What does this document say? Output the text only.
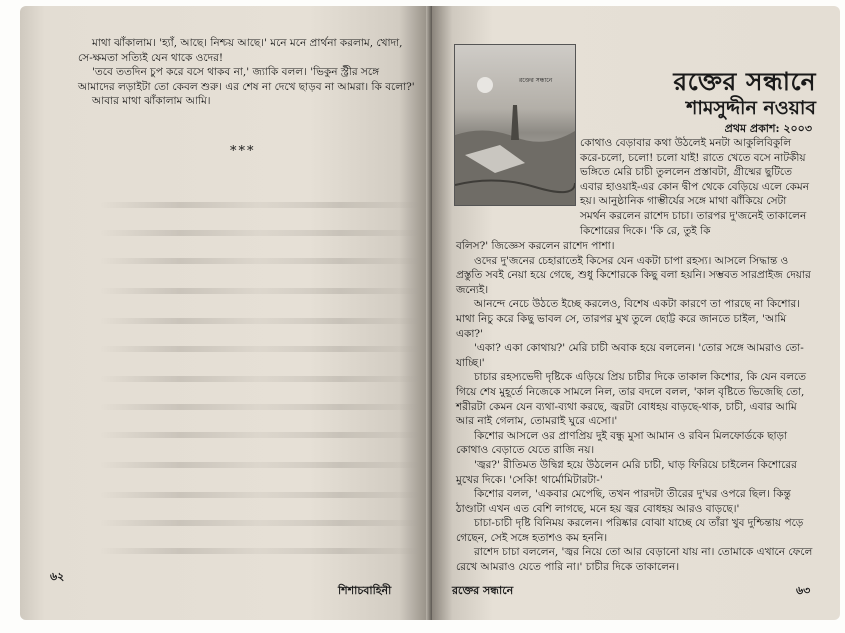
মাথা ঝাঁকালাম। 'হ্যাঁ, আছে। নিশ্চয় আছে।' মনে মনে প্রার্থনা করলাম, খোদা, সে-ক্ষমতা সত্যিই যেন থাকে ওদের!

'তবে ততদিন চুপ করে বসে থাকব না,' জ্যাকি বলল। 'ভিকুন স্ট্রীর সঙ্গে আমাদের লড়াইটা তো কেবল শুরু। এর শেষ না দেখে ছাড়ব না আমরা। কি বলো?'

আবার মাথা ঝাঁকালাম আমি।

***
৬২
শিশাচবাহিনী
রক্তের সন্ধানে	রক্তের সন্ধানে
শামসুদ্দীন নওয়াব
প্রথম প্রকাশ: ২০০৩

কোথাও বেড়াবার কথা উঠলেই মনটা আকুলিবিকুলি করে-চলো, চলো! চলো যাই! রাতে খেতে বসে নাটকীয় ভঙ্গিতে মেরি চাচী তুললেন প্রস্তাবটা, গ্রীষ্মের ছুটিতে এবার হাওয়াই-এর কোন দ্বীপ থেকে বেড়িয়ে এলে কেমন হয়। আনুষ্ঠানিক গাম্ভীর্যের সঙ্গে মাথা ঝাঁকিয়ে সেটা সমর্থন করলেন রাশেদ চাচা। তারপর দু'জনেই তাকালেন কিশোরের দিকে। 'কি রে, তুই কি

বলিস?' জিজ্ঞেস করলেন রাশেদ পাশা।

ওদের দু'জনের চেহারাতেই কিসের যেন একটা চাপা রহস্য। আসলে সিদ্ধান্ত ও প্রস্তুতি সবই নেয়া হয়ে গেছে, শুধু কিশোরকে কিছু বলা হয়নি। সম্ভবত সারপ্রাইজ দেয়ার জন্যেই।

আনন্দে নেচে উঠতে ইচ্ছে করলেও, বিশেষ একটা কারণে তা পারছে না কিশোর। মাথা নিচু করে কিছু ভাবল সে, তারপর মুখ তুলে ছোট্ট করে জানতে চাইল, 'আমি একা?'

'একা? একা কোথায়?' মেরি চাচী অবাক হয়ে বললেন। 'তোর সঙ্গে আমরাও তো-যাচ্ছি।'

চাচার রহস্যভেদী দৃষ্টিকে এড়িয়ে প্রিয় চাচীর দিকে তাকাল কিশোর, কি যেন বলতে গিয়ে শেষ মুহূর্তে নিজেকে সামলে নিল, তার বদলে বলল, 'কাল বৃষ্টিতে ভিজেছি তো, শরীরটা কেমন যেন ব্যথা-ব্যথা করছে, জ্বরটা বোধহয় বাড়ছে-থাক, চাচী, এবার আমি আর নাই গেলাম, তোমরাই ঘুরে এসো।'

কিশোর আসলে ওর প্রাণপ্রিয় দুই বন্ধু মুসা আমান ও রবিন মিলফোর্ডকে ছাড়া কোথাও বেড়াতে যেতে রাজি নয়।

'জ্বর?' রীতিমত উদ্বিগ্ন হয়ে উঠলেন মেরি চাচী, ঘাড় ফিরিয়ে চাইলেন কিশোরের মুখের দিকে। 'সেকি! থার্মোমিটারটা-'

কিশোর বলল, 'একবার মেপেছি, তখন পারদটা তীরের দু'ঘর ওপরে ছিল। কিন্তু ঠাণ্ডাটা এখন এত বেশি লাগছে, মনে হয় জ্বর বোধহয় আরও বাড়ছে।'

চাচা-চাচী দৃষ্টি বিনিময় করলেন। পরিষ্কার বোঝা যাচ্ছে যে তাঁরা খুব দুশ্চিন্তায় পড়ে গেছেন, সেই সঙ্গে হতাশও কম হননি।

রাশেদ চাচা বললেন, 'জ্বর নিয়ে তো আর বেড়ানো যায় না। তোমাকে এখানে ফেলে রেখে আমরাও যেতে পারি না।' চাচীর দিকে তাকালেন।

রক্তের সন্ধানে	৬৩
